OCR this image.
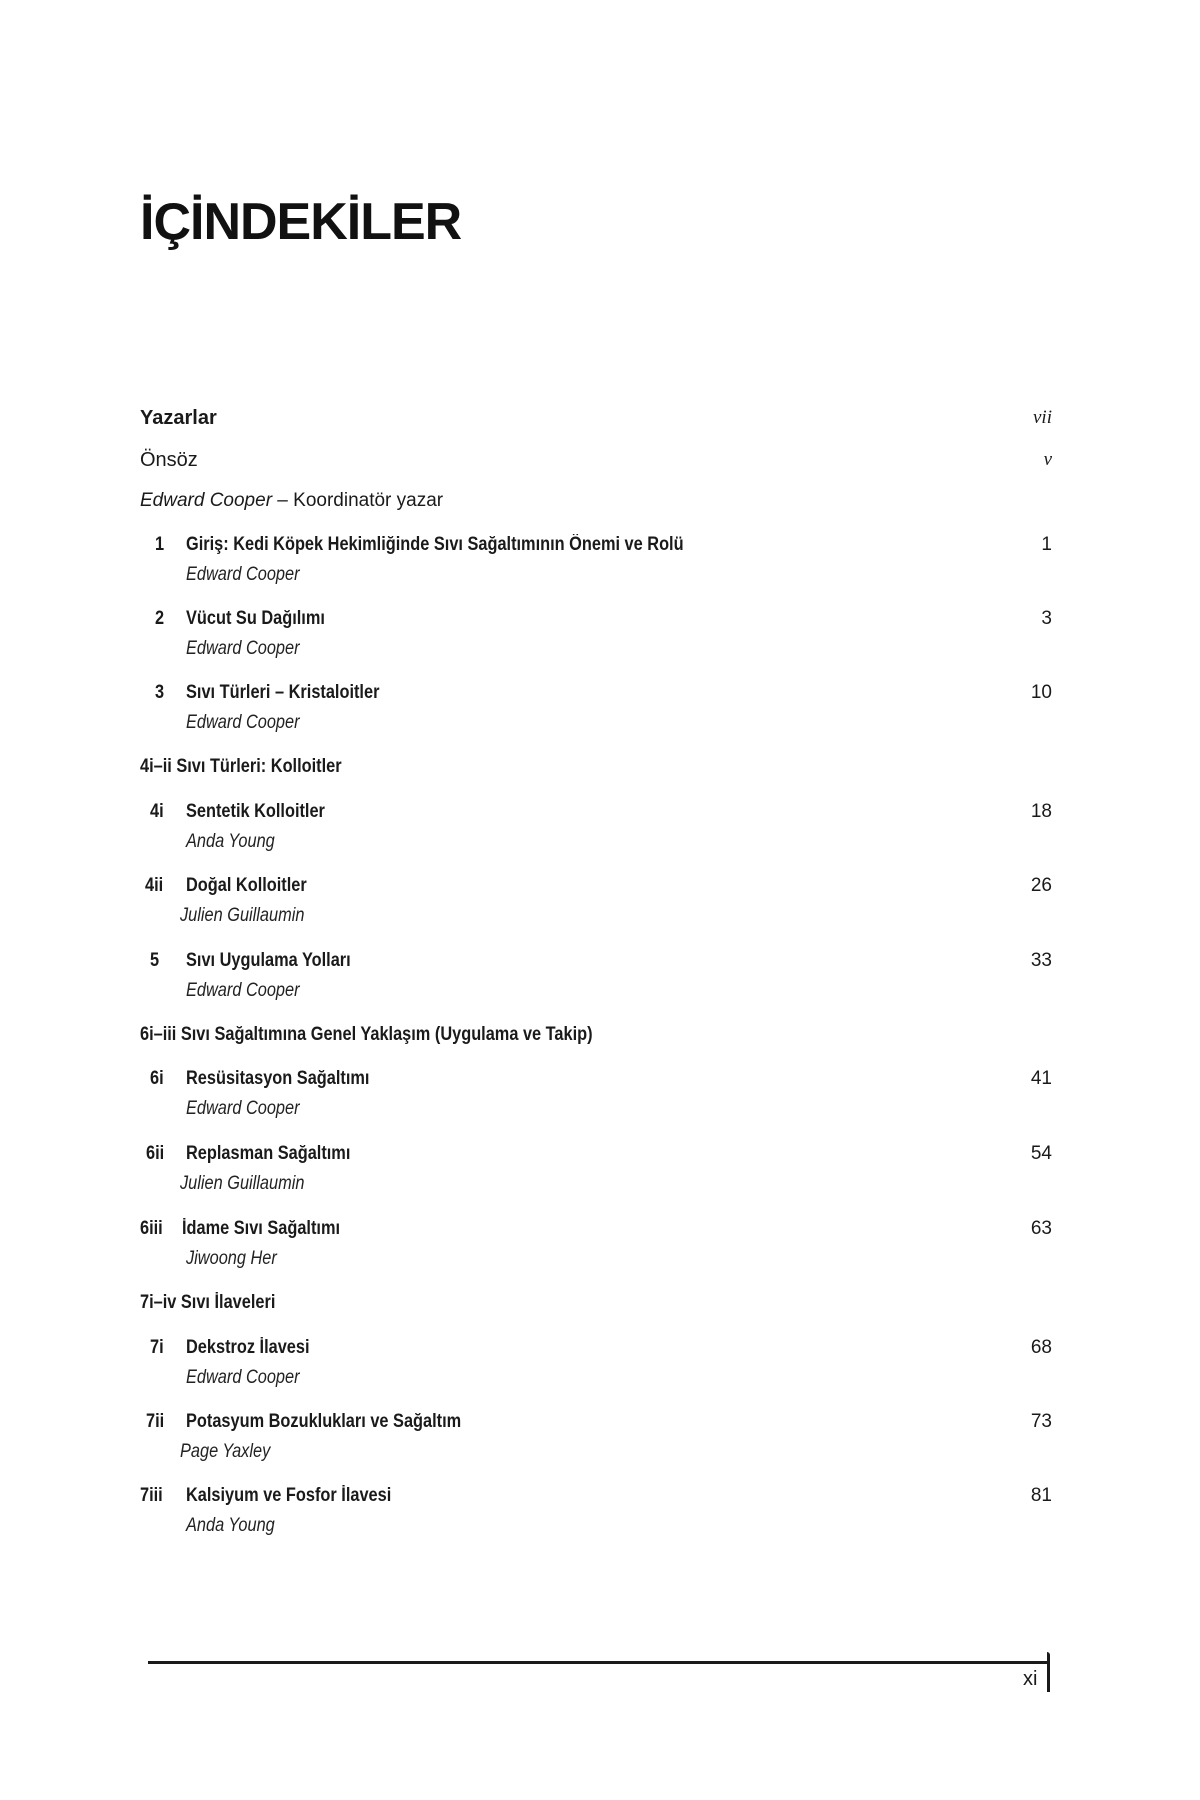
İÇİNDEKİLER
Yazarlar	vii
Önsöz	v
Edward Cooper – Koordinatör yazar
1 Giriş: Kedi Köpek Hekimliğinde Sıvı Sağaltımının Önemi ve Rolü	1
Edward Cooper
2 Vücut Su Dağılımı	3
Edward Cooper
3 Sıvı Türleri – Kristaloitler	10
Edward Cooper
4i–ii Sıvı Türleri: Kolloitler
4i Sentetik Kolloitler	18
Anda Young
4ii Doğal Kolloitler	26
Julien Guillaumin
5 Sıvı Uygulama Yolları	33
Edward Cooper
6i–iii Sıvı Sağaltımına Genel Yaklaşım (Uygulama ve Takip)
6i Resüsitasyon Sağaltımı	41
Edward Cooper
6ii Replasman Sağaltımı	54
Julien Guillaumin
6iii İdame Sıvı Sağaltımı	63
Jiwoong Her
7i–iv Sıvı İlaveleri
7i Dekstroz İlavesi	68
Edward Cooper
7ii Potasyum Bozuklukları ve Sağaltım	73
Page Yaxley
7iii Kalsiyum ve Fosfor İlavesi	81
Anda Young
xi
